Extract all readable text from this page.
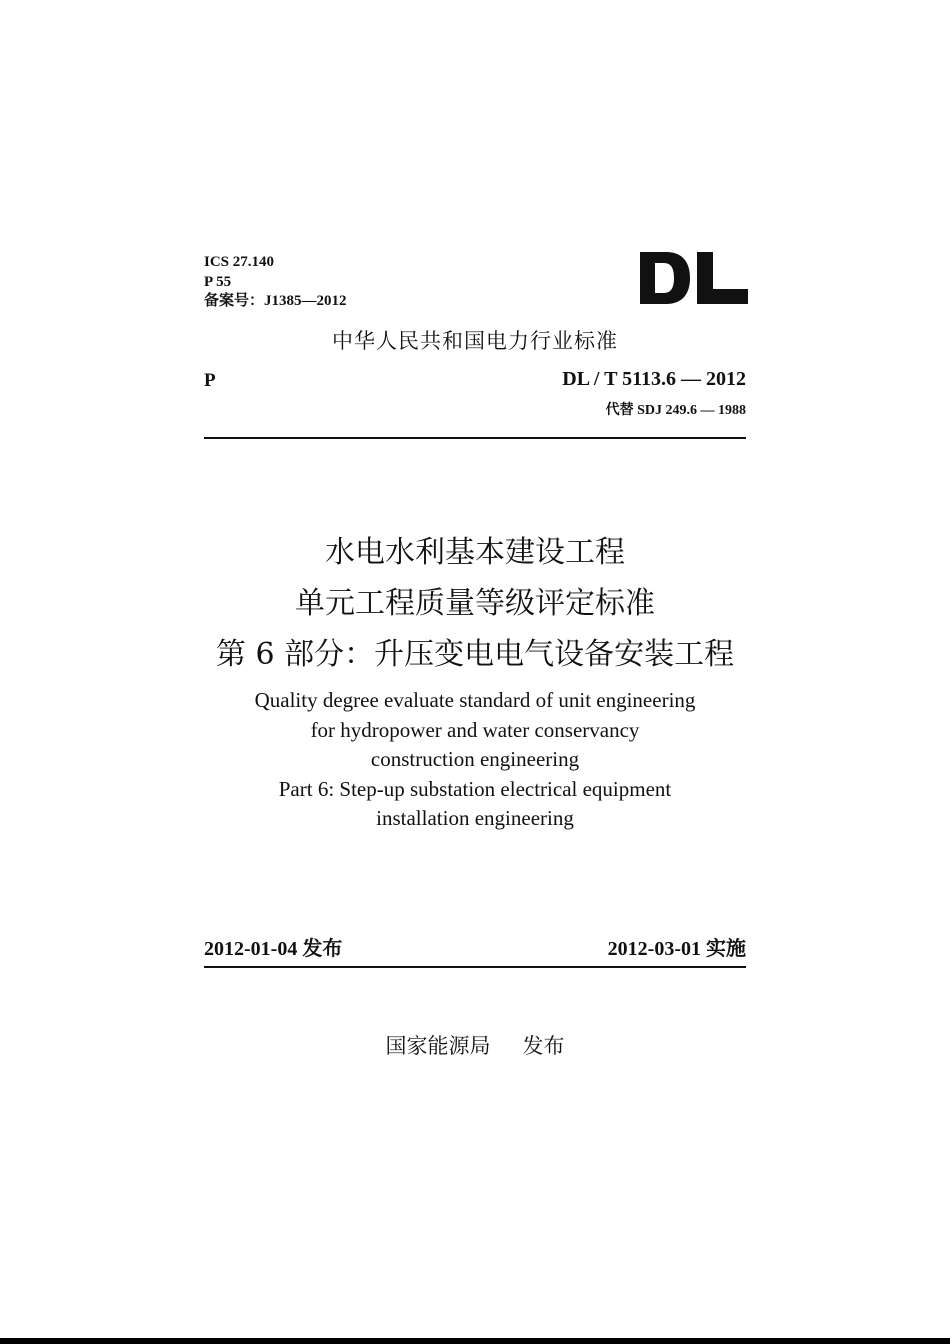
ICS 27.140
P 55
备案号：J1385—2012
中华人民共和国电力行业标准
P	DL / T 5113.6 — 2012
代替 SDJ 249.6 — 1988
水电水利基本建设工程
单元工程质量等级评定标准
第 6 部分：升压变电电气设备安装工程
Quality degree evaluate standard of unit engineering
for hydropower and water conservancy
construction engineering
Part 6: Step-up substation electrical equipment
installation engineering
2012-01-04 发布	2012-03-01 实施
国家能源局 发布
